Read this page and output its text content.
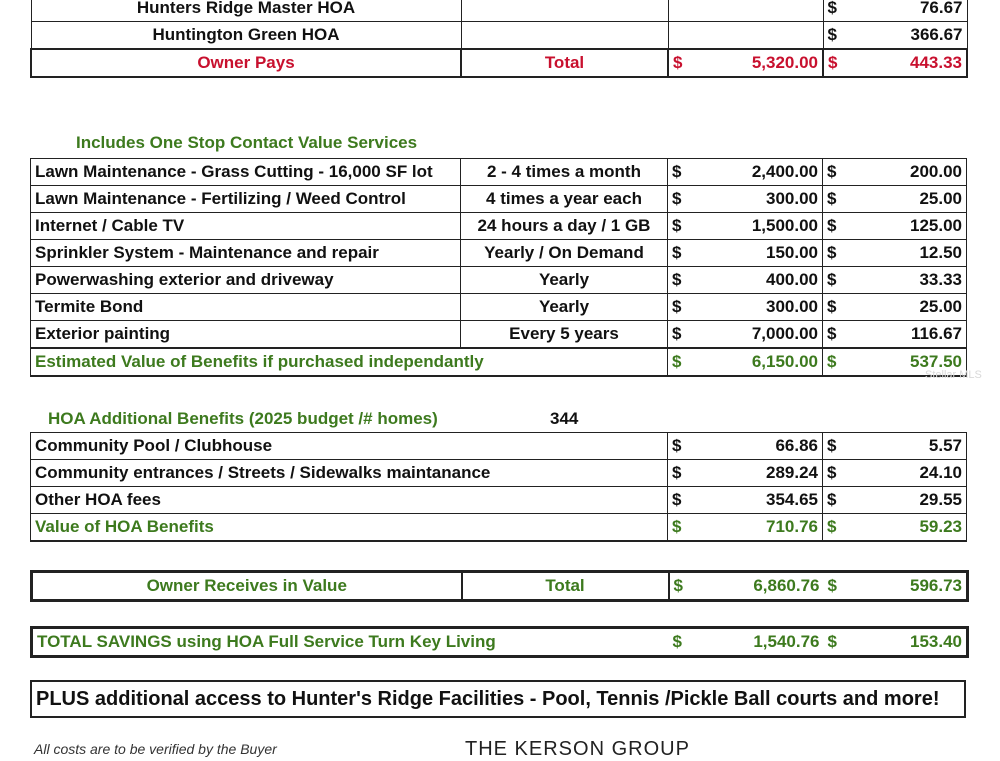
Hunters Ridge Master HOA			$ 76.67

Huntington Green HOA			$ 366.67

Owner Pays	Total	$ 5,320.00	$ 443.33
Includes One Stop Contact Value Services
Lawn Maintenance - Grass Cutting - 16,000 SF lot	2 - 4 times a month	$ 2,400.00	$ 200.00

Lawn Maintenance - Fertilizing / Weed Control	4 times a year each	$ 300.00	$ 25.00

Internet / Cable TV	24 hours a day / 1 GB	$ 1,500.00	$ 125.00

Sprinkler System - Maintenance and repair	Yearly / On Demand	$ 150.00	$ 12.50

Powerwashing exterior and driveway	Yearly	$ 400.00	$ 33.33

Termite Bond	Yearly	$ 300.00	$ 25.00

Exterior painting	Every 5 years	$ 7,000.00	$ 116.67

Estimated Value of Benefits if purchased independantly		$ 6,150.00	$ 537.50
HOA Additional Benefits (2025 budget /# homes)	344
Community Pool / Clubhouse	$ 66.86	$ 5.57

Community entrances / Streets / Sidewalks maintanance	$ 289.24	$ 24.10

Other HOA fees	$ 354.65	$ 29.55

Value of HOA Benefits	$ 710.76	$ 59.23
Owner Receives in Value	Total	$	6,860.76	$	596.73
TOTAL SAVINGS using HOA Full Service Turn Key Living	$	1,540.76	$	153.40
PLUS additional access to Hunter's Ridge Facilities - Pool, Tennis /Pickle Ball courts and more!
All costs are to be verified by the Buyer	THE KERSON GROUP
Stellar MLS
